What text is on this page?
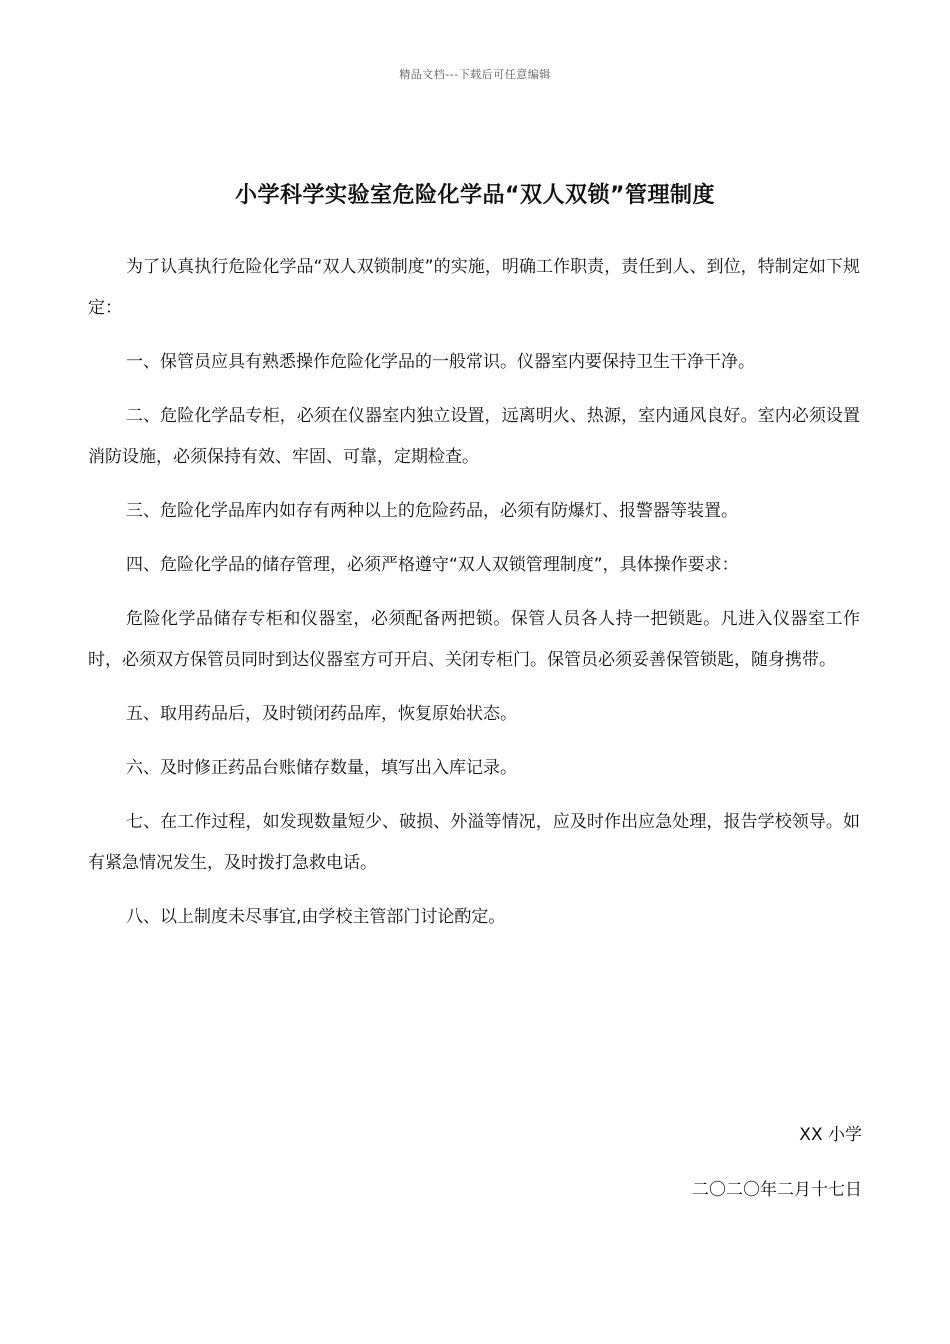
精品文档---下载后可任意编辑
小学科学实验室危险化学品“双人双锁”管理制度

为了认真执行危险化学品“双人双锁制度”的实施，明确工作职责，责任到人、到位，特制定如下规定：

一、保管员应具有熟悉操作危险化学品的一般常识。仪器室内要保持卫生干净干净。

二、危险化学品专柜，必须在仪器室内独立设置，远离明火、热源，室内通风良好。室内必须设置消防设施，必须保持有效、牢固、可靠，定期检查。

三、危险化学品库内如存有两种以上的危险药品，必须有防爆灯、报警器等装置。

四、危险化学品的储存管理，必须严格遵守“双人双锁管理制度”，具体操作要求：

危险化学品储存专柜和仪器室，必须配备两把锁。保管人员各人持一把锁匙。凡进入仪器室工作时，必须双方保管员同时到达仪器室方可开启、关闭专柜门。保管员必须妥善保管锁匙，随身携带。

五、取用药品后，及时锁闭药品库，恢复原始状态。

六、及时修正药品台账储存数量，填写出入库记录。

七、在工作过程，如发现数量短少、破损、外溢等情况，应及时作出应急处理，报告学校领导。如有紧急情况发生，及时拨打急救电话。

八、以上制度未尽事宜,由学校主管部门讨论酌定。

XX 小学
二〇二〇年二月十七日
